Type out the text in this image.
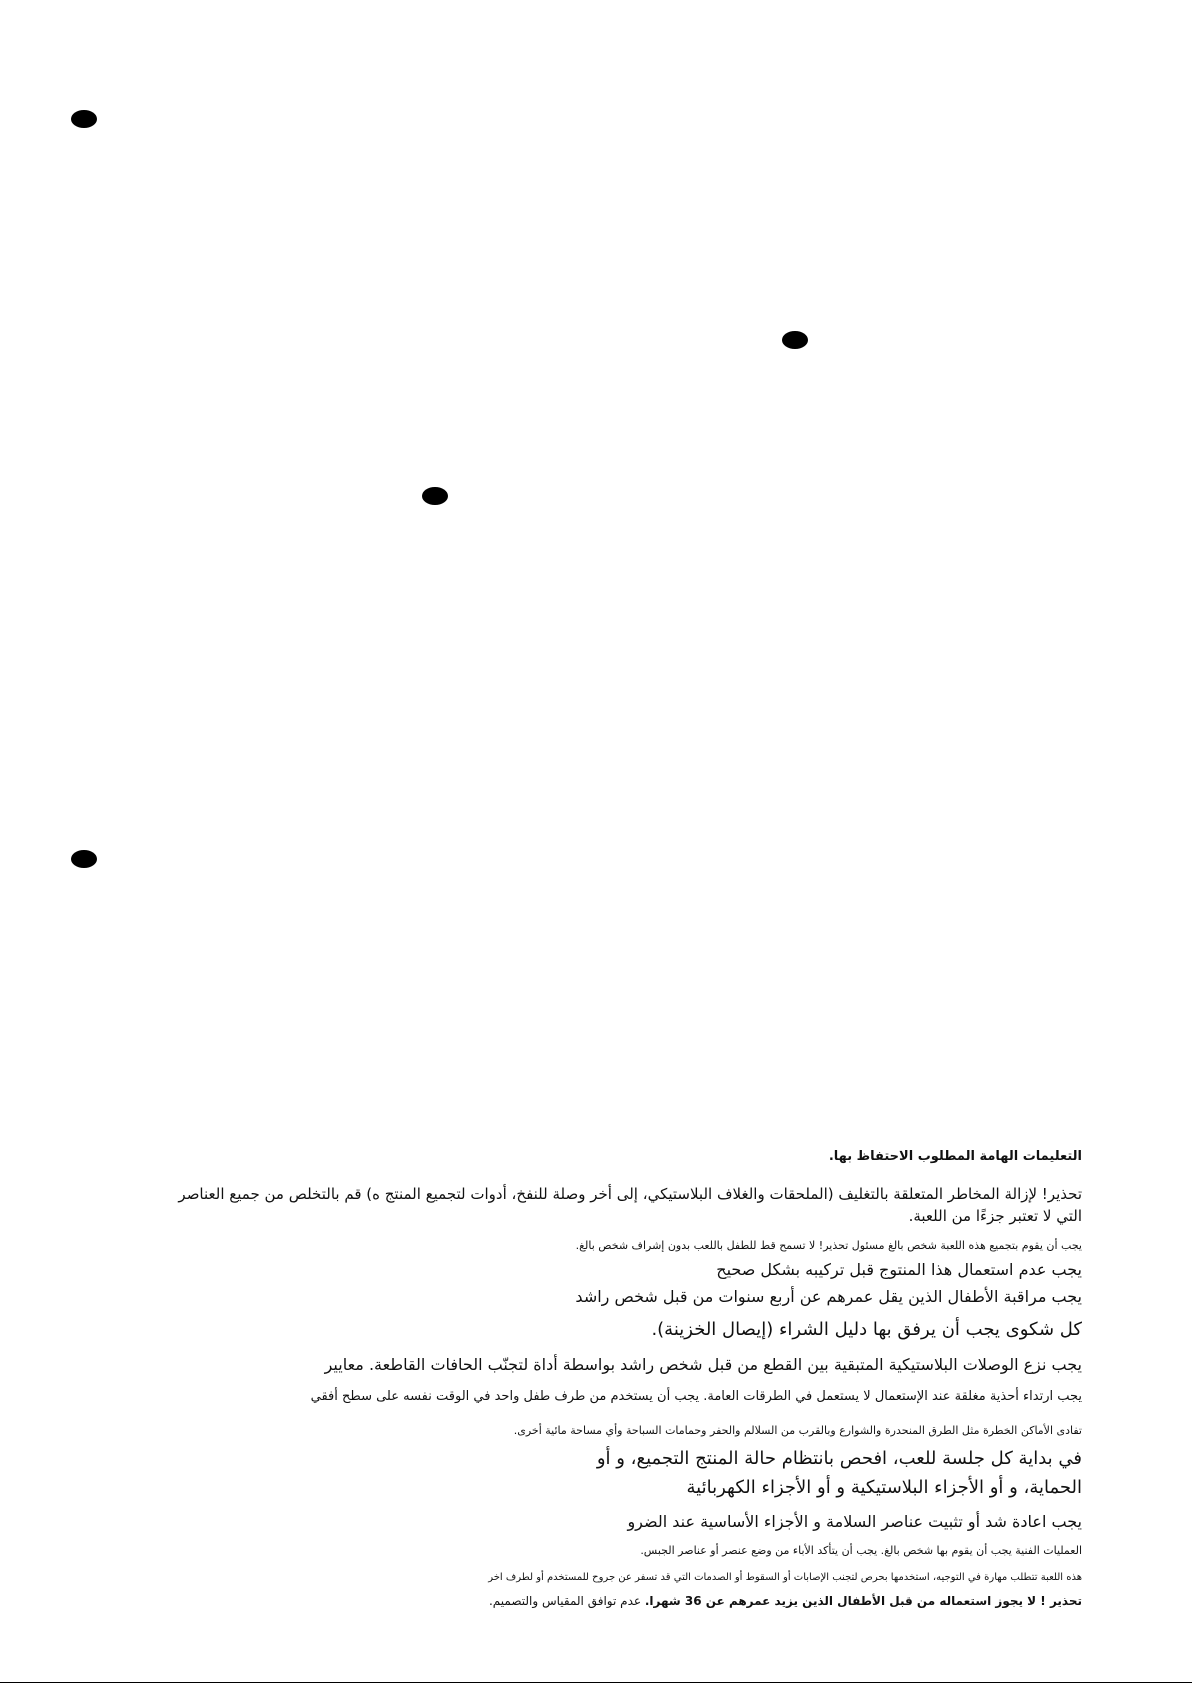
التعليمات الهامة المطلوب الاحتفاظ بها.
تحذير! لإزالة المخاطر المتعلقة بالتغليف (الملحقات والغلاف البلاستيكي، إلى أخر وصلة للنفخ، أدوات لتجميع المنتج ه) قم بالتخلص من جميع العناصر
التي لا تعتبر جزءًا من اللعبة.
يجب أن يقوم بتجميع هذه اللعبة شخص بالغ مسئول تحذير! لا تسمح قط للطفل باللعب بدون إشراف شخص بالغ.
يجب عدم استعمال هذا المنتوج قبل تركيبه بشكل صحيح
يجب مراقبة الأطفال الذين يقل عمرهم عن أربع سنوات من قبل شخص راشد
كل شكوى يجب أن يرفق بها دليل الشراء (إيصال الخزينة).
يجب نزع الوصلات البلاستيكية المتبقية بين القطع من قبل شخص راشد بواسطة أداة لتجنّب الحافات القاطعة. معايير
يجب ارتداء أحذية مغلقة عند الإستعمال لا يستعمل في الطرقات العامة. يجب أن يستخدم من طرف طفل واحد في الوقت نفسه على سطح أفقي
تفادى الأماكن الخطرة مثل الطرق المنحدرة والشوارع وبالقرب من السلالم والحفر وحمامات السباحة وأي مساحة مائية أخرى.
في بداية كل جلسة للعب، افحص بانتظام حالة المنتج التجميع، و أو
الحماية، و أو الأجزاء البلاستيكية و أو الأجزاء الكهربائية
يجب اعادة شد أو تثبيت عناصر السلامة و الأجزاء الأساسية عند الضرو
العمليات الفنية يجب أن يقوم بها شخص بالغ. يجب أن يتأكد الأباء من وضع عنصر أو عناصر الجبس.
هذه اللعبة تتطلب مهارة في التوجيه، استخدمها بحرص لتجنب الإصابات أو السقوط أو الصدمات التي قد تسفر عن جروح للمستخدم أو لطرف اخر
تحذير ! لا يجوز استعماله من قبل الأطفال الذين يزيد عمرهم عن 36 شهرا. عدم توافق المقياس والتصميم.
